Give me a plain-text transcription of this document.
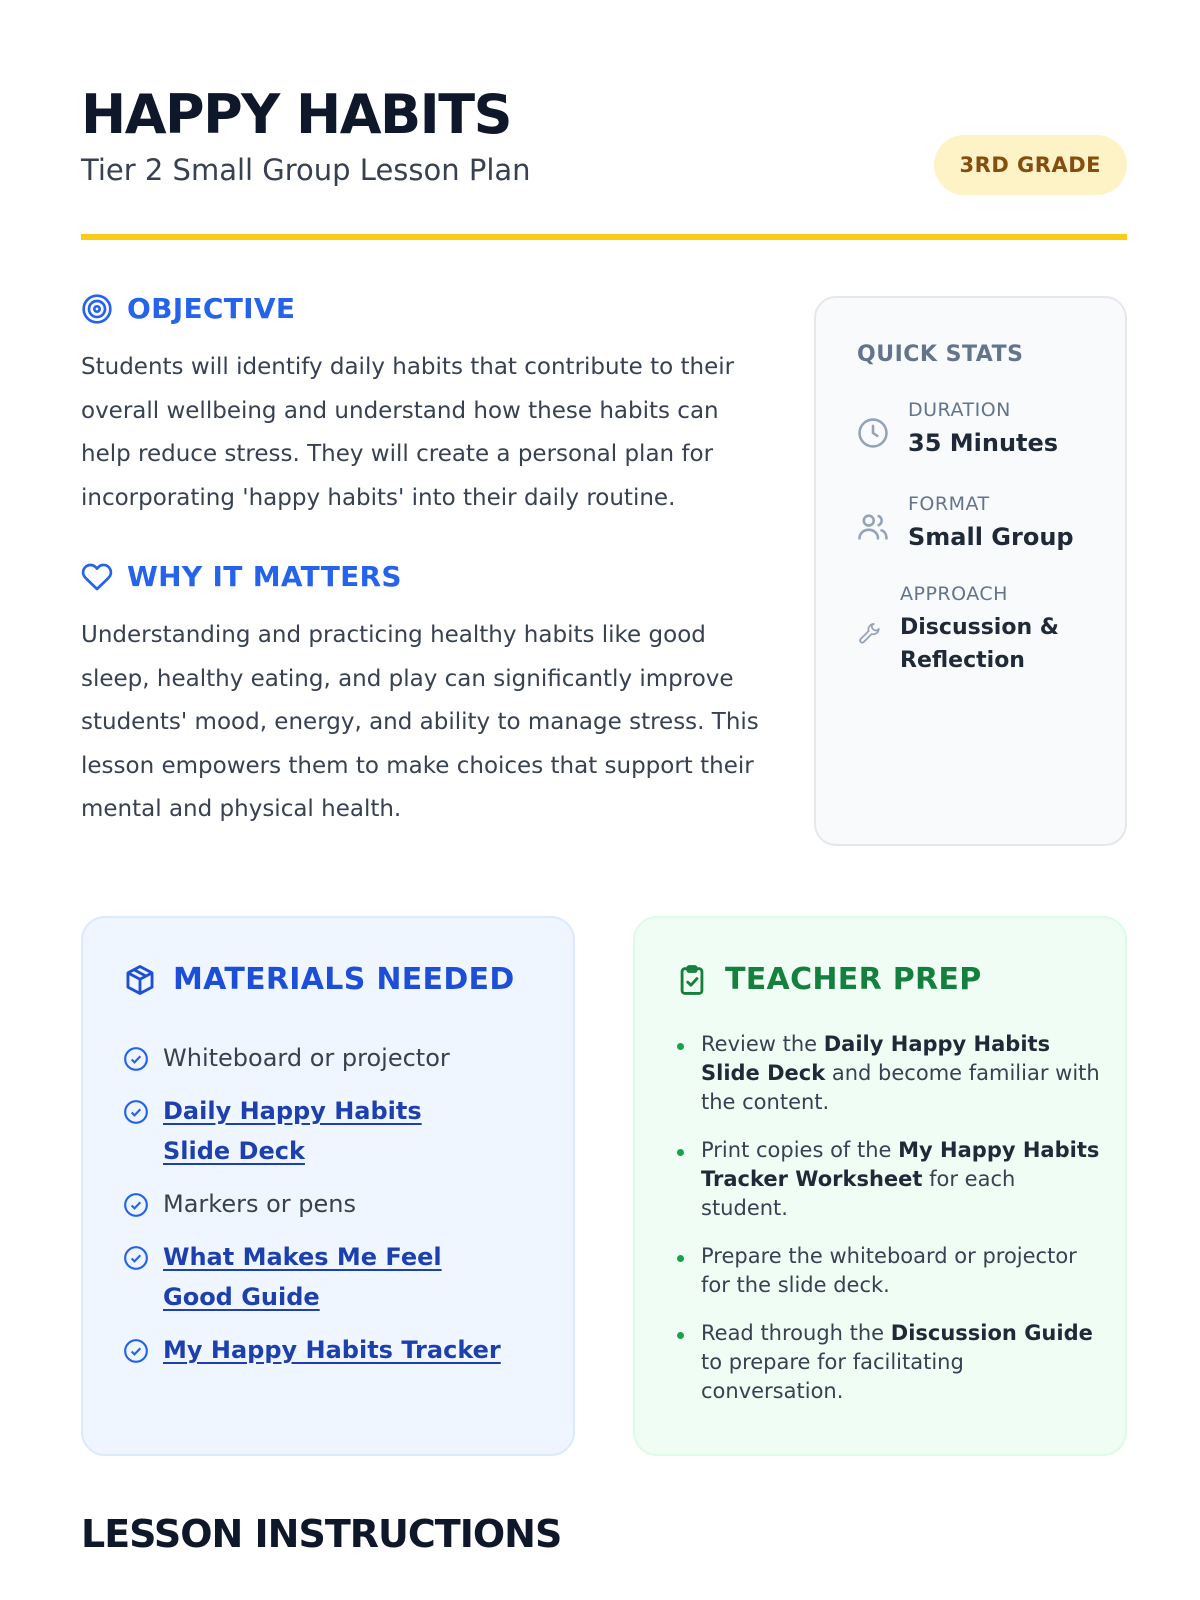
HAPPY HABITS

Tier 2 Small Group Lesson Plan	3RD GRADE
OBJECTIVE

Students will identify daily habits that contribute to their overall wellbeing and understand how these habits can help reduce stress. They will create a personal plan for incorporating 'happy habits' into their daily routine.

WHY IT MATTERS

Understanding and practicing healthy habits like good sleep, healthy eating, and play can significantly improve students' mood, energy, and ability to manage stress. This lesson empowers them to make choices that support their mental and physical health.

QUICK STATS
DURATION
35 Minutes
FORMAT
Small Group
APPROACH
Discussion & Reflection
MATERIALS NEEDED
Whiteboard or projector
Daily Happy Habits Slide Deck
Markers or pens
What Makes Me Feel Good Guide
My Happy Habits Tracker
TEACHER PREP
Review the Daily Happy Habits Slide Deck and become familiar with the content.
Print copies of the My Happy Habits Tracker Worksheet for each student.
Prepare the whiteboard or projector for the slide deck.
Read through the Discussion Guide to prepare for facilitating conversation.
LESSON INSTRUCTIONS
